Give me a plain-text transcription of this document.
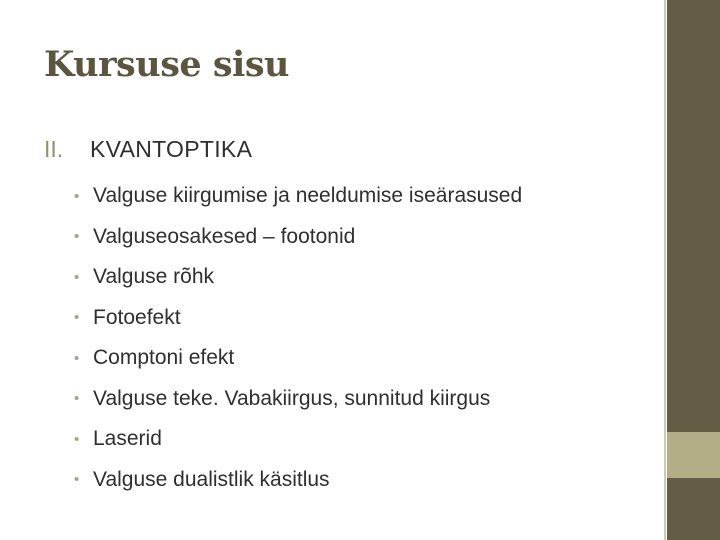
Kursuse sisu
II.	KVANTOPTIKA
• Valguse kiirgumise ja neeldumise iseärasused
• Valguseosakesed – footonid
• Valguse rõhk
• Fotoefekt
• Comptoni efekt
• Valguse teke. Vabakiirgus, sunnitud kiirgus
• Laserid
• Valguse dualistlik käsitlus
